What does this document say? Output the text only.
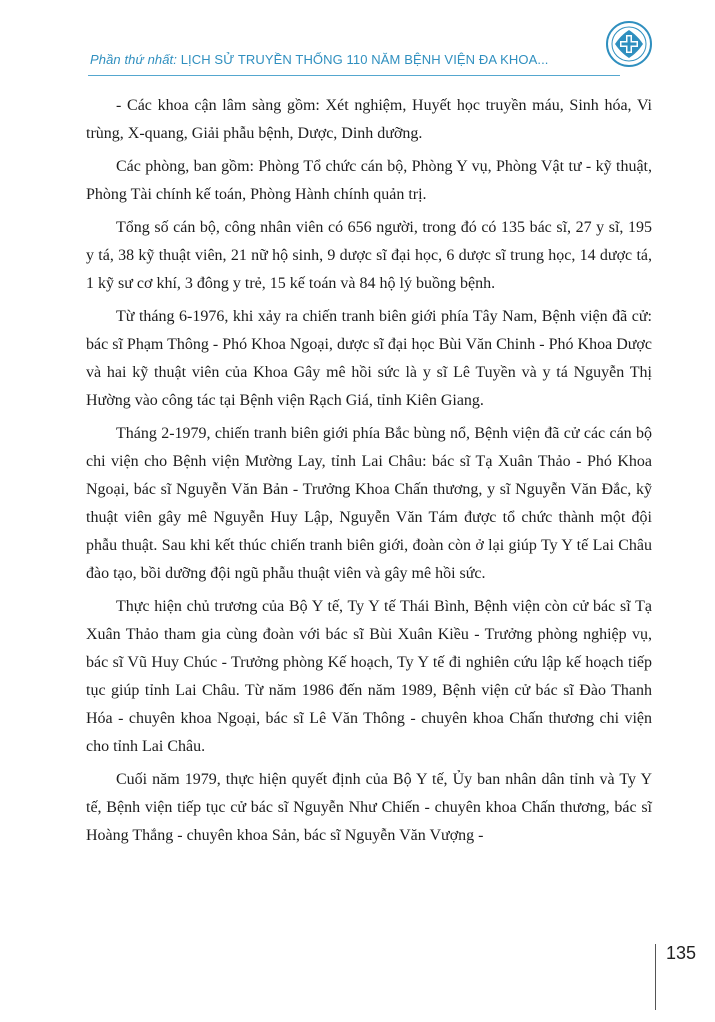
Phần thứ nhất: LỊCH SỬ TRUYỀN THỐNG 110 NĂM BỆNH VIỆN ĐA KHOA...

- Các khoa cận lâm sàng gồm: Xét nghiệm, Huyết học truyền máu, Sinh hóa, Vi trùng, X-quang, Giải phẫu bệnh, Dược, Dinh dưỡng.

Các phòng, ban gồm: Phòng Tổ chức cán bộ, Phòng Y vụ, Phòng Vật tư - kỹ thuật, Phòng Tài chính kế toán, Phòng Hành chính quản trị.

Tổng số cán bộ, công nhân viên có 656 người, trong đó có 135 bác sĩ, 27 y sĩ, 195 y tá, 38 kỹ thuật viên, 21 nữ hộ sinh, 9 dược sĩ đại học, 6 dược sĩ trung học, 14 dược tá, 1 kỹ sư cơ khí, 3 đông y trẻ, 15 kế toán và 84 hộ lý buồng bệnh.

Từ tháng 6-1976, khi xảy ra chiến tranh biên giới phía Tây Nam, Bệnh viện đã cử: bác sĩ Phạm Thông - Phó Khoa Ngoại, dược sĩ đại học Bùi Văn Chinh - Phó Khoa Dược và hai kỹ thuật viên của Khoa Gây mê hồi sức là y sĩ Lê Tuyền và y tá Nguyễn Thị Hường vào công tác tại Bệnh viện Rạch Giá, tỉnh Kiên Giang.

Tháng 2-1979, chiến tranh biên giới phía Bắc bùng nổ, Bệnh viện đã cử các cán bộ chi viện cho Bệnh viện Mường Lay, tỉnh Lai Châu: bác sĩ Tạ Xuân Thảo - Phó Khoa Ngoại, bác sĩ Nguyễn Văn Bản - Trưởng Khoa Chấn thương, y sĩ Nguyễn Văn Đắc, kỹ thuật viên gây mê Nguyễn Huy Lập, Nguyễn Văn Tám được tổ chức thành một đội phẫu thuật. Sau khi kết thúc chiến tranh biên giới, đoàn còn ở lại giúp Ty Y tế Lai Châu đào tạo, bồi dưỡng đội ngũ phẫu thuật viên và gây mê hồi sức.

Thực hiện chủ trương của Bộ Y tế, Ty Y tế Thái Bình, Bệnh viện còn cử bác sĩ Tạ Xuân Thảo tham gia cùng đoàn với bác sĩ Bùi Xuân Kiều - Trưởng phòng nghiệp vụ, bác sĩ Vũ Huy Chúc - Trưởng phòng Kế hoạch, Ty Y tế đi nghiên cứu lập kế hoạch tiếp tục giúp tỉnh Lai Châu. Từ năm 1986 đến năm 1989, Bệnh viện cử bác sĩ Đào Thanh Hóa - chuyên khoa Ngoại, bác sĩ Lê Văn Thông - chuyên khoa Chấn thương chi viện cho tỉnh Lai Châu.

Cuối năm 1979, thực hiện quyết định của Bộ Y tế, Ủy ban nhân dân tỉnh và Ty Y tế, Bệnh viện tiếp tục cử bác sĩ Nguyễn Như Chiến - chuyên khoa Chấn thương, bác sĩ Hoàng Thắng - chuyên khoa Sản, bác sĩ Nguyễn Văn Vượng -

135
